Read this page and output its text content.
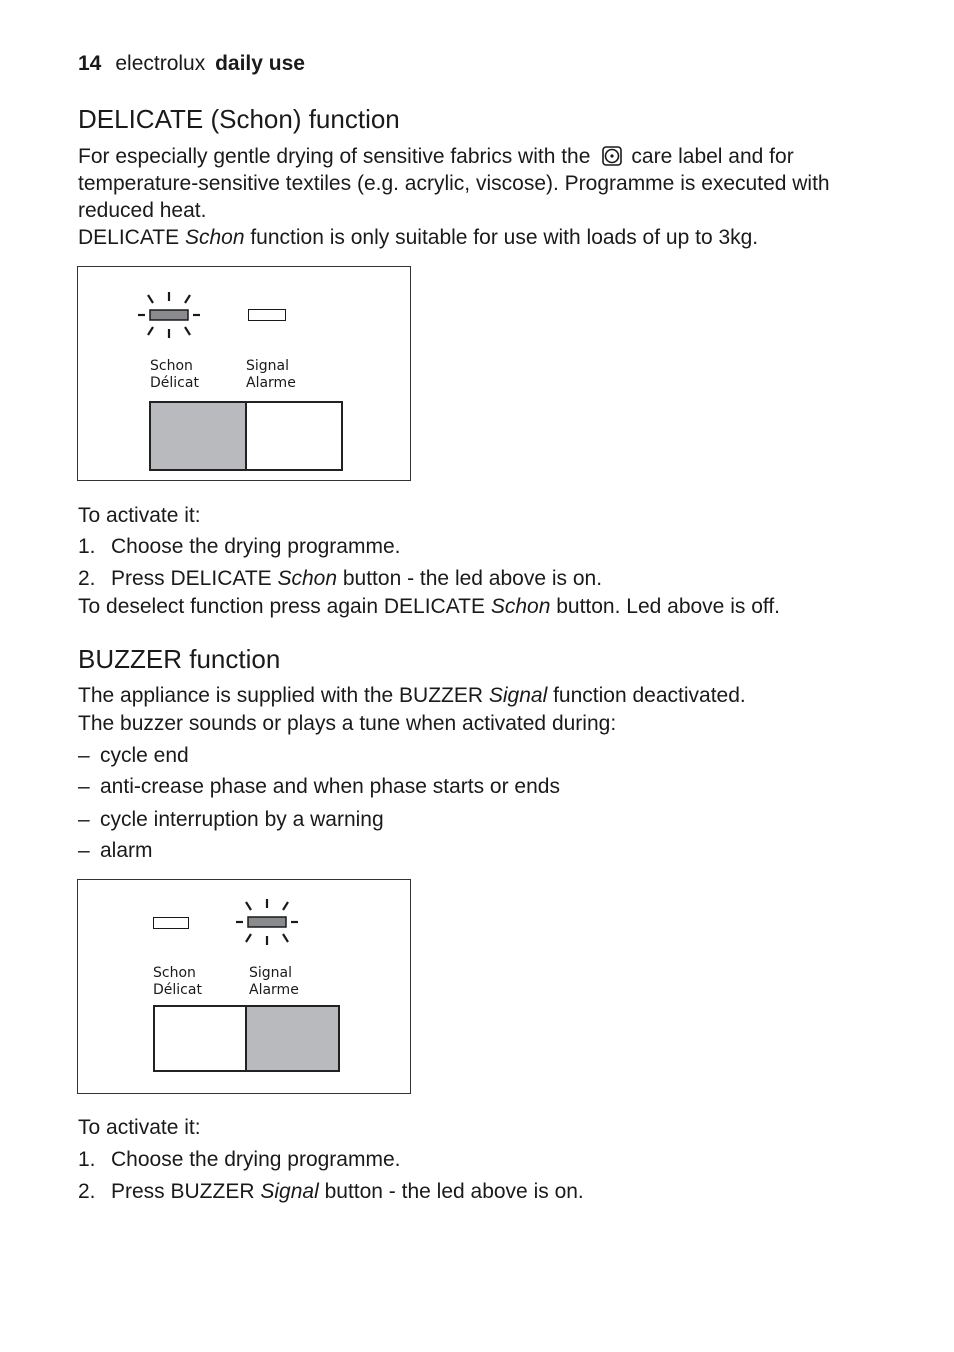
14 electrolux daily use
DELICATE (Schon) function
For especially gentle drying of sensitive fabrics with the care label and for
temperature-sensitive textiles (e.g. acrylic, viscose). Programme is executed with
reduced heat.
DELICATE Schon function is only suitable for use with loads of up to 3kg.
Schon
Délicat
Signal
Alarme
To activate it:
1. Choose the drying programme.
2. Press DELICATE Schon button - the led above is on.
To deselect function press again DELICATE Schon button. Led above is off.
BUZZER function
The appliance is supplied with the BUZZER Signal function deactivated.
The buzzer sounds or plays a tune when activated during:
– cycle end
– anti-crease phase and when phase starts or ends
– cycle interruption by a warning
– alarm
Schon
Délicat
Signal
Alarme
To activate it:
1. Choose the drying programme.
2. Press BUZZER Signal button - the led above is on.
